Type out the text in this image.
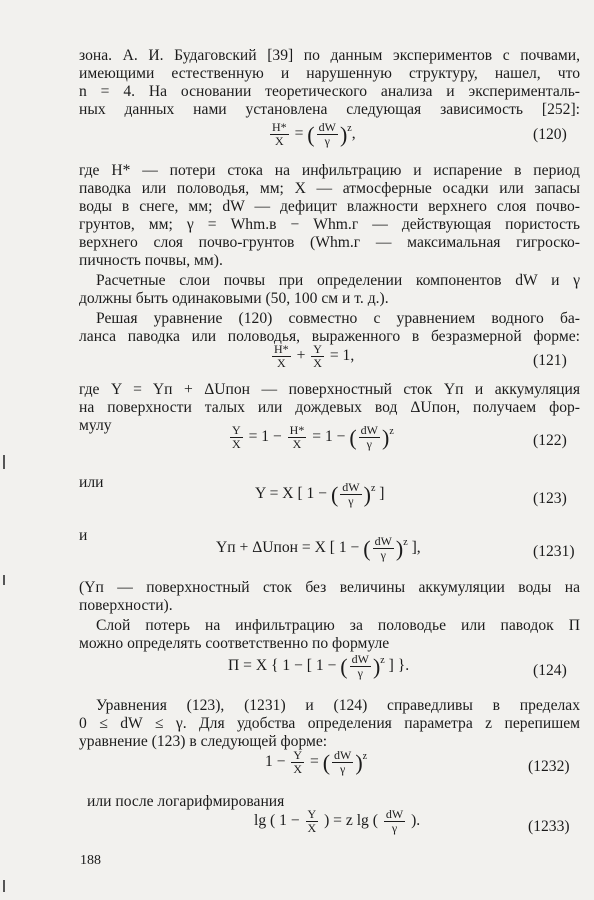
зона. А. И. Будаговский [39] по данным экспериментов с почвами,
имеющими естественную и нарушенную структуру, нашел, что
n = 4. На основании теоретического анализа и эксперименталь-
ных данных нами установлена следующая зависимость [252]:
$\frac{H*}{X}$ = ( $\frac{dW}{\gamma} )^z$,	(120)
где H* — потери стока на инфильтрацию и испарение в период
паводка или половодья, мм; X — атмосферные осадки или запасы
воды в снеге, мм; dW — дефицит влажности верхнего слоя почво-
грунтов, мм; γ = Whm.в − Whm.г — действующая пористость
верхнего слоя почво-грунтов (Whm.г — максимальная гигроско-
пичность почвы, мм).
Расчетные слои почвы при определении компонентов dW и γ
должны быть одинаковыми (50, 100 см и т. д.).
Решая уравнение (120) совместно с уравнением водного ба-
ланса паводка или половодья, выраженного в безразмерной форме:
$\frac{H*}{X} + \frac{Y}{X} = 1$,	(121)
где Y = Yп + ΔUпон — поверхностный сток Yп и аккумуляция
на поверхности талых или дождевых вод ΔUпон, получаем фор-
мулу	$\frac{Y}{X} = 1 - \frac{H*}{X} = 1$ − ( $\frac{dW}{\gamma} )^z$
(122)
или
Y = X [ 1 − ( $\frac{dW}{\gamma} )^z$ ]	(123)
и
Yп + ΔUпон = X [ 1 − ( $\frac{dW}{\gamma} )^z$ ],	(1231)
(Yп — поверхностный сток без величины аккумуляции воды на
поверхности).
Слой потерь на инфильтрацию за половодье или паводок П
можно определять соответственно по формуле
П = X { 1 − [ 1 − ( $\frac{dW}{\gamma} )^z$ ] }.	(124)
Уравнения (123), (1231) и (124) справедливы в пределах
0 ≤ dW ≤ γ. Для удобства определения параметра z перепишем
уравнение (123) в следующей форме:
$1 - \frac{Y}{X}$ = ( $\frac{dW}{\gamma} )^z$
(1232)
или после логарифмирования
lg ( $1 - \frac{Y}{X}$ ) = z lg ( $\frac{dW}{\gamma}$ ).	(1233)
188
